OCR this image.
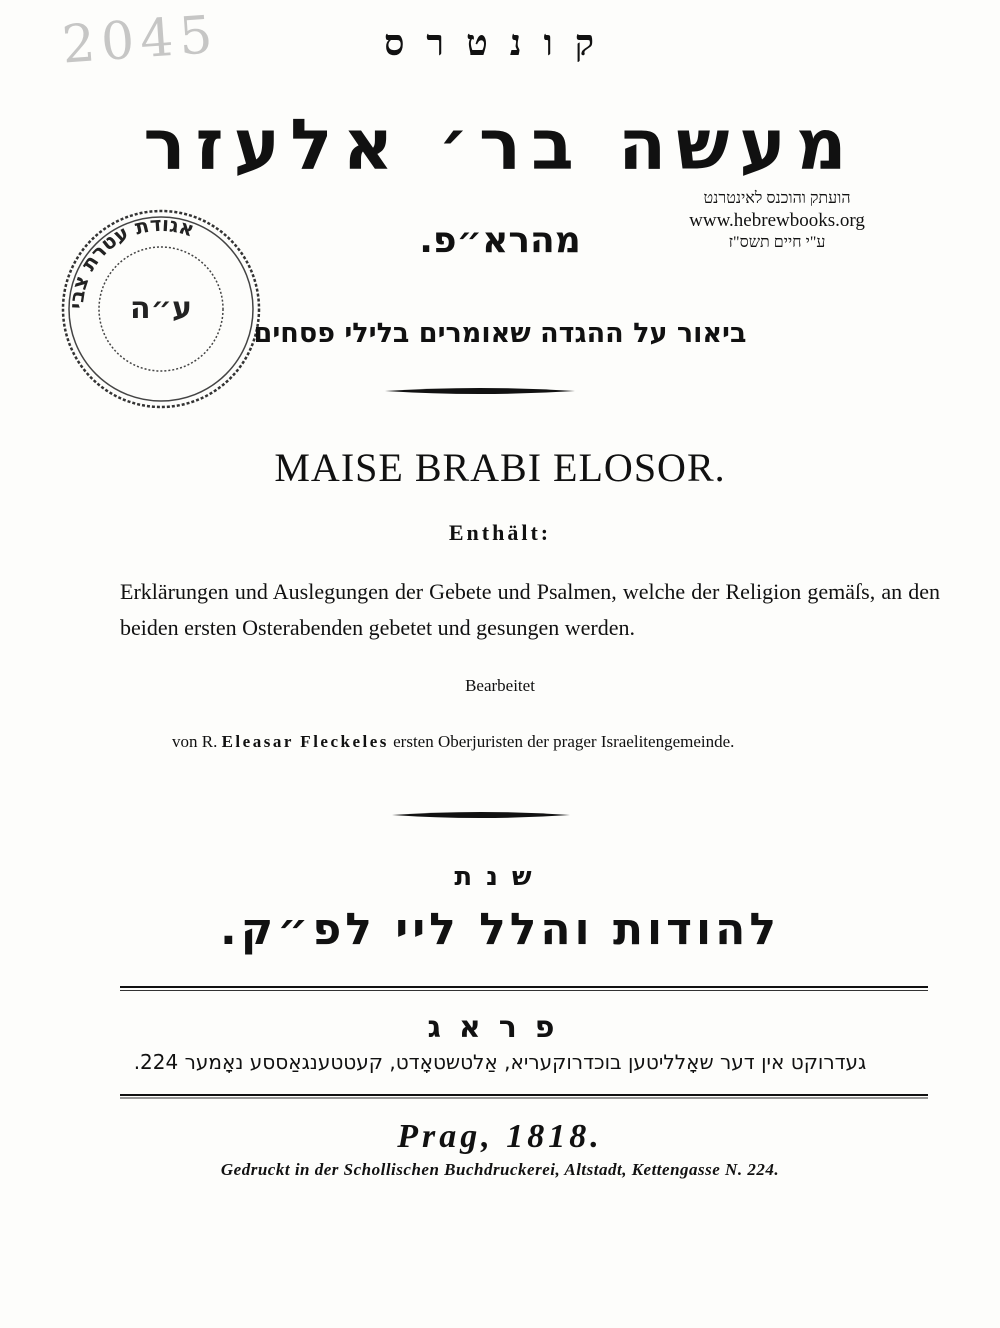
2045	קונטרס
מעשה בר׳ אלעזר
הועתק והוכנס לאינטרנט
www.hebrewbooks.org
ע"י חיים תשס"ז
אגודת עטרת צבי
ע״ה
מהרא״פ.
ביאור על ההגדה שאומרים בלילי פסחים
MAISE BRABI ELOSOR.
Enthält:
Erklärungen und Auslegungen der Gebete und Psalmen, welche der Religion gemäſs, an den beiden ersten Osterabenden gebetet und gesungen werden.
Bearbeitet
von R. Eleasar Fleckeles ersten Oberjuristen der prager Israelitengemeinde.
שנת
להודות והלל ליי לפ״ק.
פראג
געדרוקט אין דער שאָלליטען בוכדרוקעריא, אַלטשטאָדט, קעטטענגאַססע נאָמער 224.
Prag, 1818.
Gedruckt in der Schollischen Buchdruckerei, Altstadt, Kettengasse N. 224.
